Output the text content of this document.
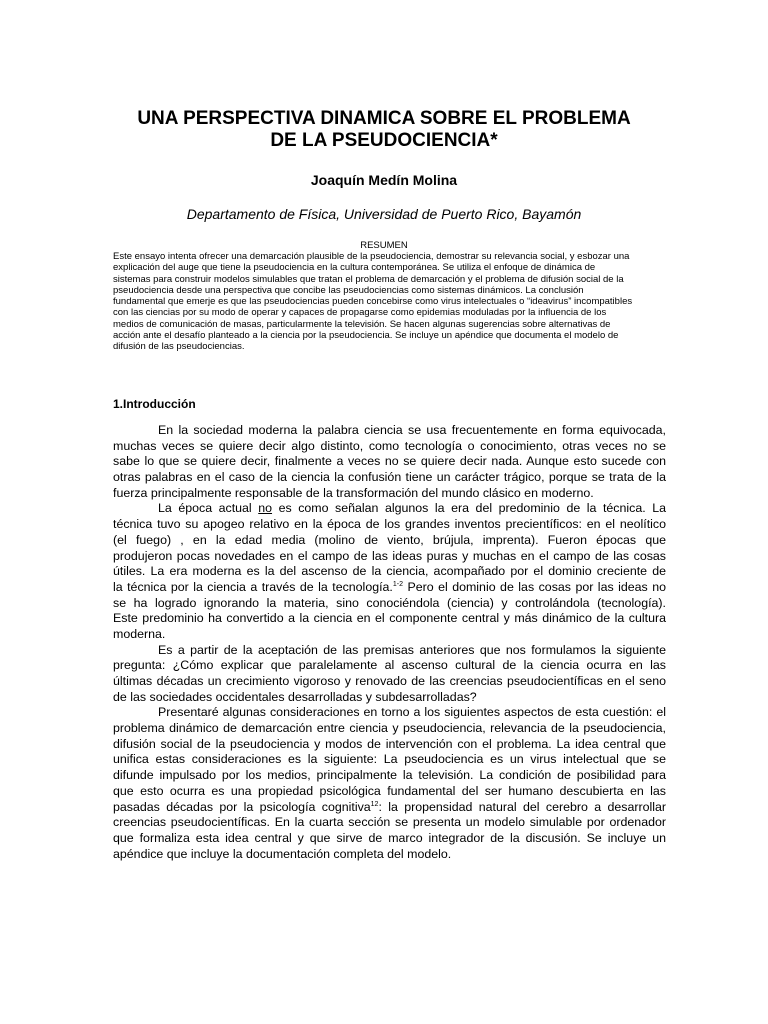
UNA PERSPECTIVA DINAMICA SOBRE EL PROBLEMA
DE LA PSEUDOCIENCIA*
Joaquín Medín Molina
Departamento de Física, Universidad de Puerto Rico, Bayamón
RESUMEN
Este ensayo intenta ofrecer una demarcación plausible de la pseudociencia, demostrar su relevancia social, y esbozar una
explicación del auge que tiene la pseudociencia en la cultura contemporánea. Se utiliza el enfoque de dinámica de
sistemas para construir modelos simulables que tratan el problema de demarcación y el problema de difusión social de la
pseudociencia desde una perspectiva que concibe las pseudociencias como sistemas dinámicos. La conclusión
fundamental que emerje es que las pseudociencias pueden concebirse como virus intelectuales o “ideavirus” incompatibles
con las ciencias por su modo de operar y capaces de propagarse como epidemias moduladas por la influencia de los
medios de comunicación de masas, particularmente la televisión. Se hacen algunas sugerencias sobre alternativas de
acción ante el desafío planteado a la ciencia por la pseudociencia. Se incluye un apéndice que documenta el modelo de
difusión de las pseudociencias.
1.Introducción
En la sociedad moderna la palabra ciencia se usa frecuentemente en forma equivocada,
muchas veces se quiere decir algo distinto, como tecnología o conocimiento, otras veces no se
sabe lo que se quiere decir, finalmente a veces no se quiere decir nada. Aunque esto sucede con
otras palabras en el caso de la ciencia la confusión tiene un carácter trágico, porque se trata de la
fuerza principalmente responsable de la transformación del mundo clásico en moderno.
La época actual no es como señalan algunos la era del predominio de la técnica. La
técnica tuvo su apogeo relativo en la época de los grandes inventos precientíficos: en el neolítico
(el fuego) , en la edad media (molino de viento, brújula, imprenta). Fueron épocas que
produjeron pocas novedades en el campo de las ideas puras y muchas en el campo de las cosas
útiles. La era moderna es la del ascenso de la ciencia, acompañado por el dominio creciente de
la técnica por la ciencia a través de la tecnología.$^{1-2}$ Pero el dominio de las cosas por las ideas no
se ha logrado ignorando la materia, sino conociéndola (ciencia) y controlándola (tecnología).
Este predominio ha convertido a la ciencia en el componente central y más dinámico de la cultura
moderna.
Es a partir de la aceptación de las premisas anteriores que nos formulamos la siguiente
pregunta: ¿Cómo explicar que paralelamente al ascenso cultural de la ciencia ocurra en las
últimas décadas un crecimiento vigoroso y renovado de las creencias pseudocientíficas en el seno
de las sociedades occidentales desarrolladas y subdesarrolladas?
Presentaré algunas consideraciones en torno a los siguientes aspectos de esta cuestión: el
problema dinámico de demarcación entre ciencia y pseudociencia, relevancia de la pseudociencia,
difusión social de la pseudociencia y modos de intervención con el problema. La idea central que
unifica estas consideraciones es la siguiente: La pseudociencia es un virus intelectual que se
difunde impulsado por los medios, principalmente la televisión. La condición de posibilidad para
que esto ocurra es una propiedad psicológica fundamental del ser humano descubierta en las
pasadas décadas por la psicología cognitiva$^{12}$: la propensidad natural del cerebro a desarrollar
creencias pseudocientíficas. En la cuarta sección se presenta un modelo simulable por ordenador
que formaliza esta idea central y que sirve de marco integrador de la discusión. Se incluye un
apéndice que incluye la documentación completa del modelo.
